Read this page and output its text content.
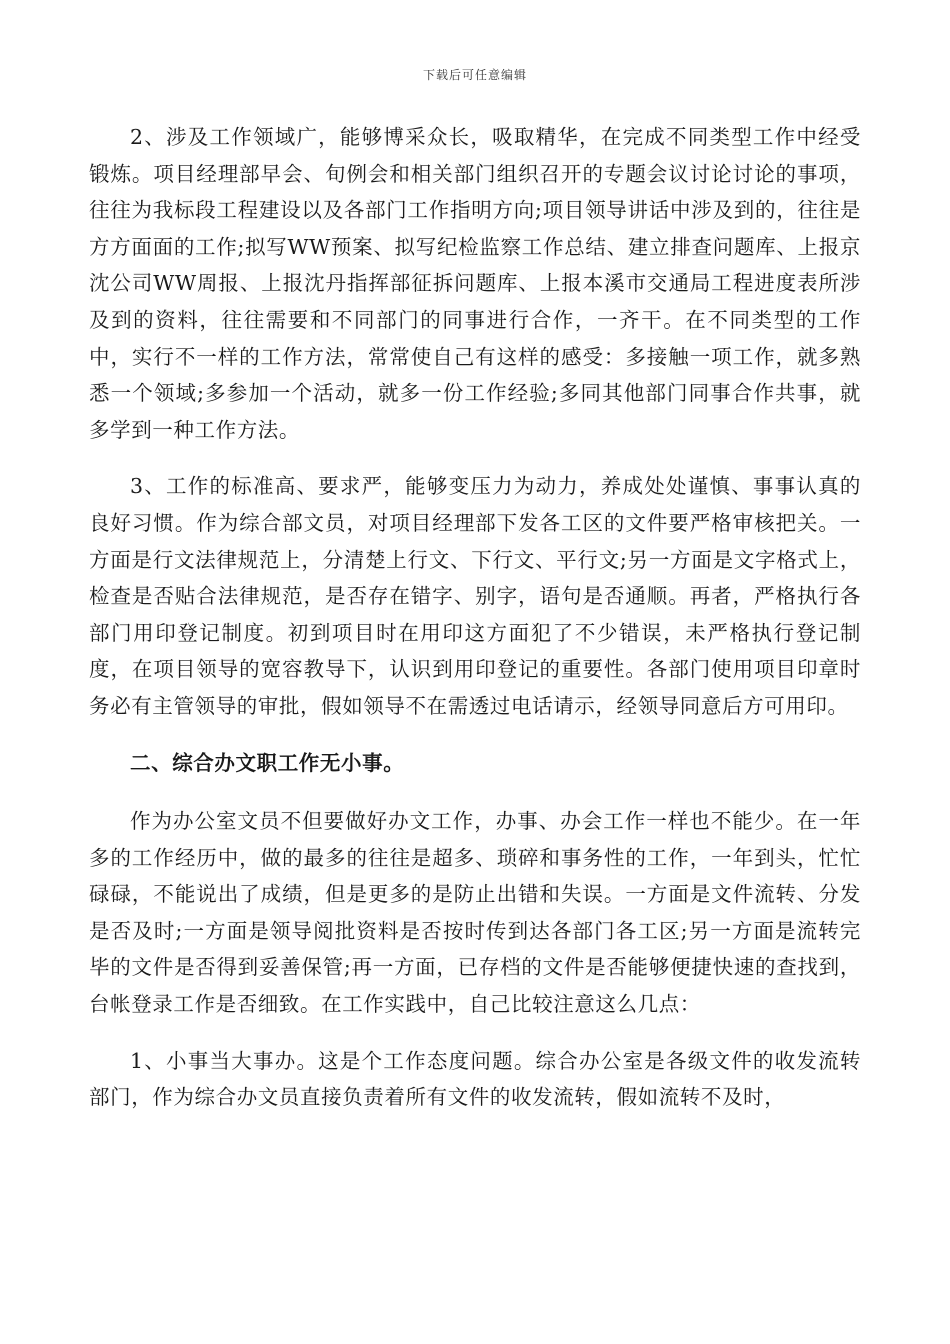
下载后可任意编辑

2、涉及工作领域广，能够博采众长，吸取精华，在完成不同类型工作中经受锻炼。项目经理部早会、旬例会和相关部门组织召开的专题会议讨论讨论的事项，往往为我标段工程建设以及各部门工作指明方向;项目领导讲话中涉及到的，往往是方方面面的工作;拟写WW预案、拟写纪检监察工作总结、建立排查问题库、上报京沈公司WW周报、上报沈丹指挥部征拆问题库、上报本溪市交通局工程进度表所涉及到的资料，往往需要和不同部门的同事进行合作，一齐干。在不同类型的工作中，实行不一样的工作方法，常常使自己有这样的感受：多接触一项工作，就多熟悉一个领域;多参加一个活动，就多一份工作经验;多同其他部门同事合作共事，就多学到一种工作方法。

3、工作的标准高、要求严，能够变压力为动力，养成处处谨慎、事事认真的良好习惯。作为综合部文员，对项目经理部下发各工区的文件要严格审核把关。一方面是行文法律规范上，分清楚上行文、下行文、平行文;另一方面是文字格式上，检查是否贴合法律规范，是否存在错字、别字，语句是否通顺。再者，严格执行各部门用印登记制度。初到项目时在用印这方面犯了不少错误，未严格执行登记制度，在项目领导的宽容教导下，认识到用印登记的重要性。各部门使用项目印章时务必有主管领导的审批，假如领导不在需透过电话请示，经领导同意后方可用印。

二、综合办文职工作无小事。

作为办公室文员不但要做好办文工作，办事、办会工作一样也不能少。在一年多的工作经历中，做的最多的往往是超多、琐碎和事务性的工作，一年到头，忙忙碌碌，不能说出了成绩，但是更多的是防止出错和失误。一方面是文件流转、分发是否及时;一方面是领导阅批资料是否按时传到达各部门各工区;另一方面是流转完毕的文件是否得到妥善保管;再一方面，已存档的文件是否能够便捷快速的查找到，台帐登录工作是否细致。在工作实践中，自己比较注意这么几点：

1、小事当大事办。这是个工作态度问题。综合办公室是各级文件的收发流转部门，作为综合办文员直接负责着所有文件的收发流转，假如流转不及时，
